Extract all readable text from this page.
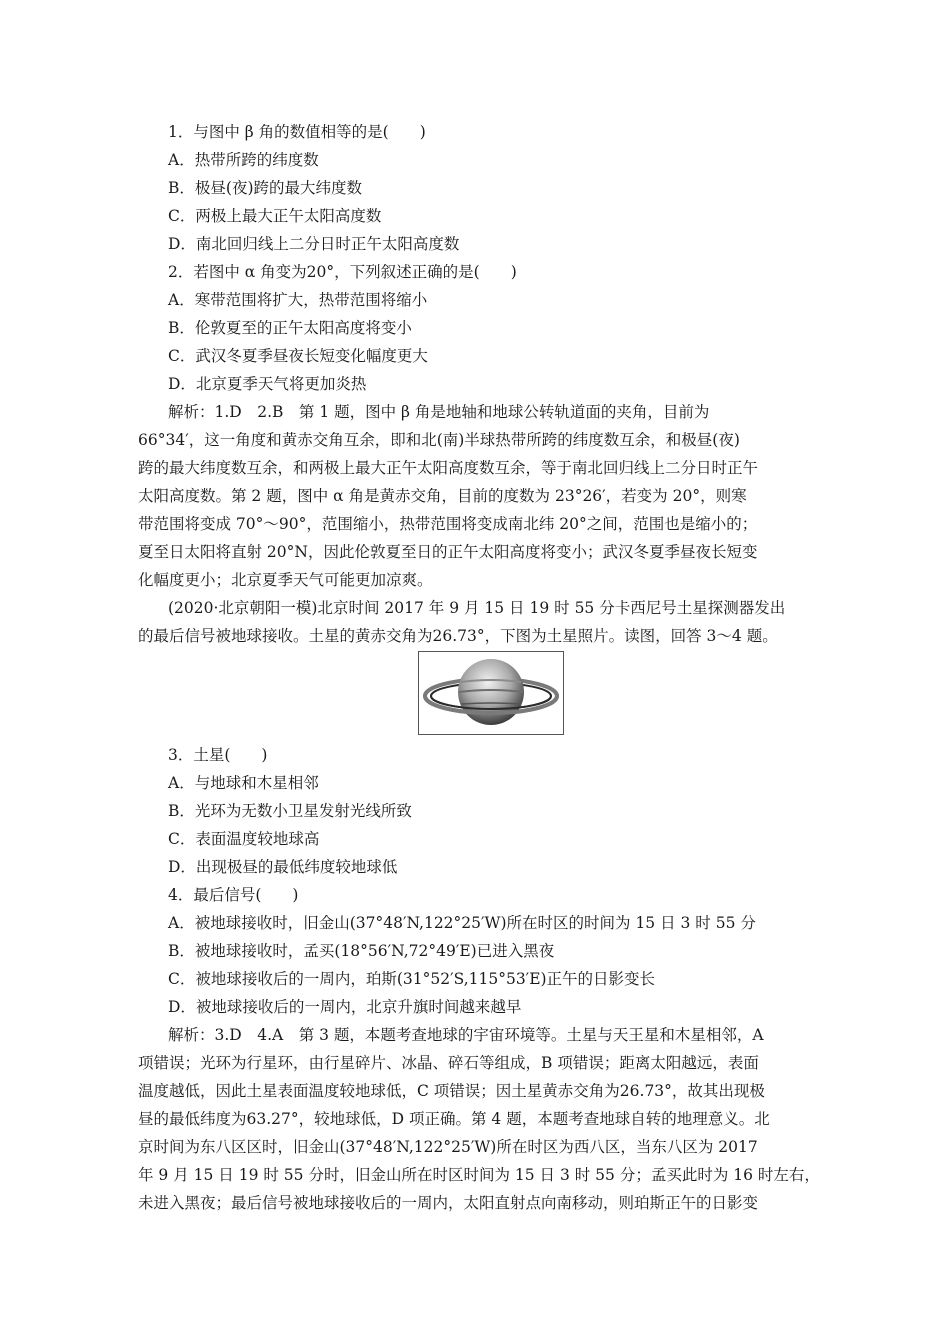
1．与图中 β 角的数值相等的是(　　)
A．热带所跨的纬度数
B．极昼(夜)跨的最大纬度数
C．两极上最大正午太阳高度数
D．南北回归线上二分日时正午太阳高度数
2．若图中 α 角变为20°，下列叙述正确的是(　　)
A．寒带范围将扩大，热带范围将缩小
B．伦敦夏至的正午太阳高度将变小
C．武汉冬夏季昼夜长短变化幅度更大
D．北京夏季天气将更加炎热
解析：1.D　2.B　第 1 题，图中 β 角是地轴和地球公转轨道面的夹角，目前为
66°34′，这一角度和黄赤交角互余，即和北(南)半球热带所跨的纬度数互余，和极昼(夜)
跨的最大纬度数互余，和两极上最大正午太阳高度数互余，等于南北回归线上二分日时正午
太阳高度数。第 2 题，图中 α 角是黄赤交角，目前的度数为 23°26′，若变为 20°，则寒
带范围将变成 70°～90°，范围缩小，热带范围将变成南北纬 20°之间，范围也是缩小的；
夏至日太阳将直射 20°N，因此伦敦夏至日的正午太阳高度将变小；武汉冬夏季昼夜长短变
化幅度更小；北京夏季天气可能更加凉爽。
(2020·北京朝阳一模)北京时间 2017 年 9 月 15 日 19 时 55 分卡西尼号土星探测器发出
的最后信号被地球接收。土星的黄赤交角为26.73°，下图为土星照片。读图，回答 3～4 题。
3．土星(　　)
A．与地球和木星相邻
B．光环为无数小卫星发射光线所致
C．表面温度较地球高
D．出现极昼的最低纬度较地球低
4．最后信号(　　)
A．被地球接收时，旧金山(37°48′N,122°25′W)所在时区的时间为 15 日 3 时 55 分
B．被地球接收时，孟买(18°56′N,72°49′E)已进入黑夜
C．被地球接收后的一周内，珀斯(31°52′S,115°53′E)正午的日影变长
D．被地球接收后的一周内，北京升旗时间越来越早
解析：3.D　4.A　第 3 题，本题考查地球的宇宙环境等。土星与天王星和木星相邻，A
项错误；光环为行星环，由行星碎片、冰晶、碎石等组成，B 项错误；距离太阳越远，表面
温度越低，因此土星表面温度较地球低，C 项错误；因土星黄赤交角为26.73°，故其出现极
昼的最低纬度为63.27°，较地球低，D 项正确。第 4 题，本题考查地球自转的地理意义。北
京时间为东八区区时，旧金山(37°48′N,122°25′W)所在时区为西八区，当东八区为 2017
年 9 月 15 日 19 时 55 分时，旧金山所在时区时间为 15 日 3 时 55 分；孟买此时为 16 时左右，
未进入黑夜；最后信号被地球接收后的一周内，太阳直射点向南移动，则珀斯正午的日影变
